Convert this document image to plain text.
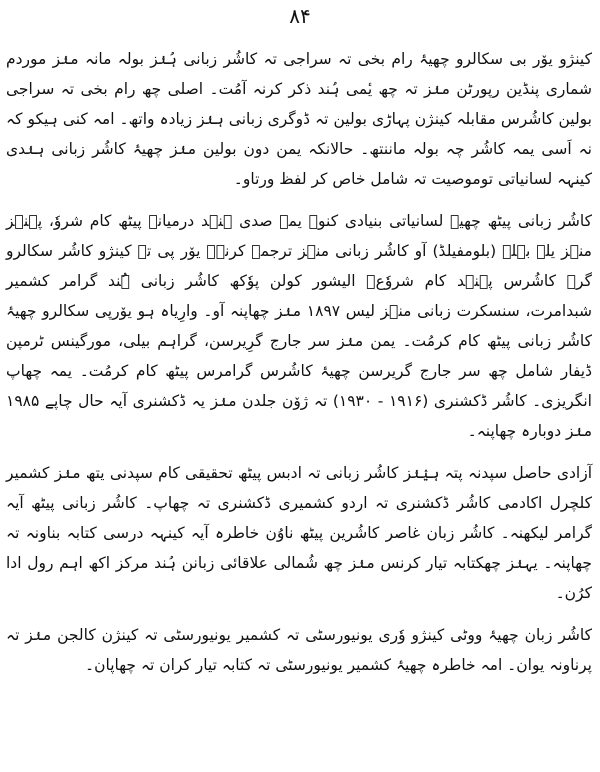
۸۴

کینژو یۆر بی سکالرو چھیۂ رام بخی تہ سراجی تہ کاشُر زبانی ہُنٛز بولہ مانہ منٛز موردم شماری پنڈین رپورٹن منٛز تہ چھ یٔمی ہُند ذکر کرنہ آمُت۔ اصلی چھ رام بخی تہ سراجی بولین کاشُرس مقابلہ کینژن پہاڑی بولین تہ ڈوگری زبانی ہنٛز زیادہ واتھ۔ امہ کنی ہیکو کہ نہ اَسی یمہ کاشُر چہ بولہ ماننتھ۔ حالانکہ یمن دون بولین منٛز چھیۂ کاشُر زبانی ہنٛدی کینہہ لسانیاتی توموصیت تہ شامل خاص کر لفظ ورتاو۔

کاشُر زبانی پیٹھ چھیۂ لسانیاتی بنیادی کنوٛ یمہ صدی ہنٛد درمیانہ پیٹھ کام شروٗ، پہنٛز منٛز یلہ بہلہ (بلومفیلڈ) آو کاشُر زبانی منٛز ترجمہ کرنہ۔ یۆر پی تہ کینژو کاشُر سکالرو گرٛ کاشُرس پہنٛد کام شروٗع۔ الیشور کولن پوٗکھ کاشُر زبانی ہُند گرامر کشمیر شبدامرت، سنسکرت زبانی منٛز لیس ۱۸۹۷ منٛز چھاپنہ آو۔ وارِیاہ ہو یۆرپی سکالرو چھیۂ کاشُر زبانی پیٹھ کام کرمُت۔ یمن منٛز سر جارج گرِیرسن، گراہم بیلی، مورگینس ٹرمپن ڈیفار شامل چھ سر جارج گریرسن چھیۂ کاشُرس گرامرس پیٹھ کام کرمُت۔ یمہ چھاپ انگریزی۔ کاشُر ڈکشنری (۱۹۱۶ - ۱۹۳۰) تہ ژۆن جلدن منٛز یہ ڈکشنری آیہ حال چاپے ۱۹۸۵ منٛز دوبارہ چھاپنہ۔

آزادی حاصل سپدنہ پتہ ہیٛنٛز کاشُر زبانی تہ ادبس پیٹھ تحقیقی کام سپدنی یتھ منٛز کشمیر کلچرل اکادمی کاشُر ڈکشنری تہ اردو کشمیری ڈکشنری تہ چھاپ۔ کاشُر زبانی پیٹھ آیہ گرامر لیکھنہ۔ کاشُر زبان غاصر کاشُرین پیٹھ ناوُن خاطرہ آیہ کینہہ درسی کتابہ بناونہ تہ چھاپنہ۔ یہنٛز چھکتابہ تیار کرنس منٛز چھ شُمالی علاقائی زبانن ہُند مرکز اکھ اہم رول ادا کرُن۔

کاشُر زبان چھیۂ ووٹی کینژو وٗری یونیورسٹی تہ کشمیر یونیورسٹی تہ کینژن کالجن منٛز تہ پرناونہ یوان۔ امہ خاطرہ چھیۂ کشمیر یونیورسٹی تہ کتابہ تیار کران تہ چھاپان۔
